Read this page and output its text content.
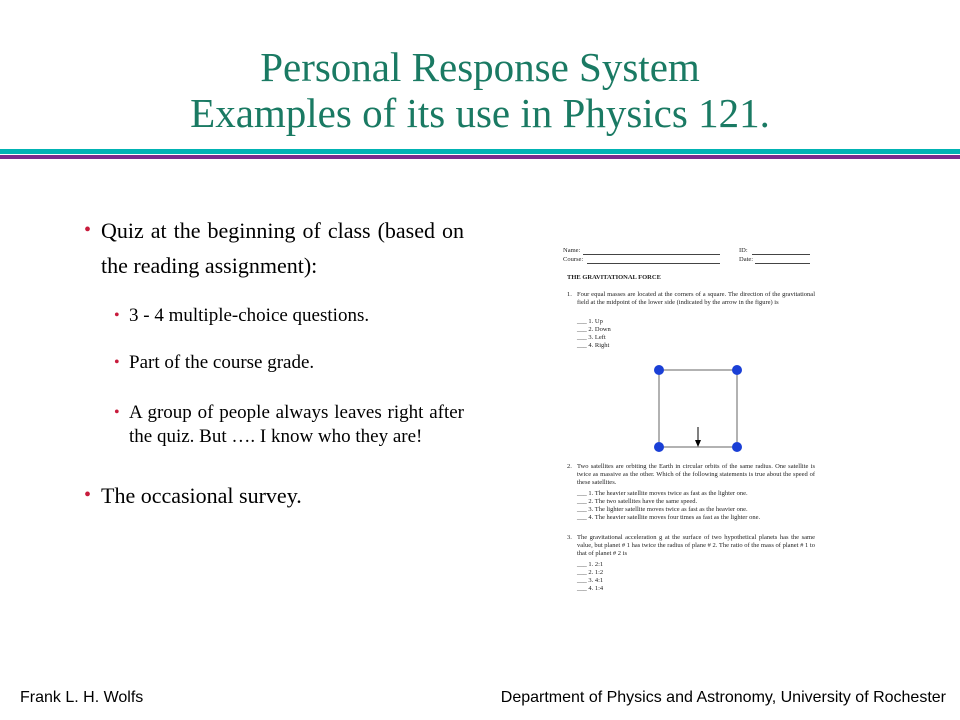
Personal Response System
Examples of its use in Physics 121.

• Quiz at the beginning of class (based on the reading assignment):

• 3 - 4 multiple-choice questions.

• Part of the course grade.

• A group of people always leaves right after the quiz. But …. I know who they are!

• The occasional survey.

Name:	ID:
Course:	Date:
THE GRAVITATIONAL FORCE
1. Four equal masses are located at the corners of a square. The direction of the gravitational field at the midpoint of the lower side (indicated by the arrow in the figure) is
___ 1. Up
___ 2. Down
___ 3. Left
___ 4. Right
2. Two satellites are orbiting the Earth in circular orbits of the same radius. One satellite is twice as massive as the other. Which of the following statements is true about the speed of these satellites.
___ 1. The heavier satellite moves twice as fast as the lighter one.
___ 2. The two satellites have the same speed.
___ 3. The lighter satellite moves twice as fast as the heavier one.
___ 4. The heavier satellite moves four times as fast as the lighter one.
3. The gravitational acceleration g at the surface of two hypothetical planets has the same value, but planet # 1 has twice the radius of plane # 2. The ratio of the mass of planet # 1 to that of planet # 2 is
___ 1. 2:1
___ 2. 1:2
___ 3. 4:1
___ 4. 1:4
Frank L. H. Wolfs	Department of Physics and Astronomy, University of Rochester
